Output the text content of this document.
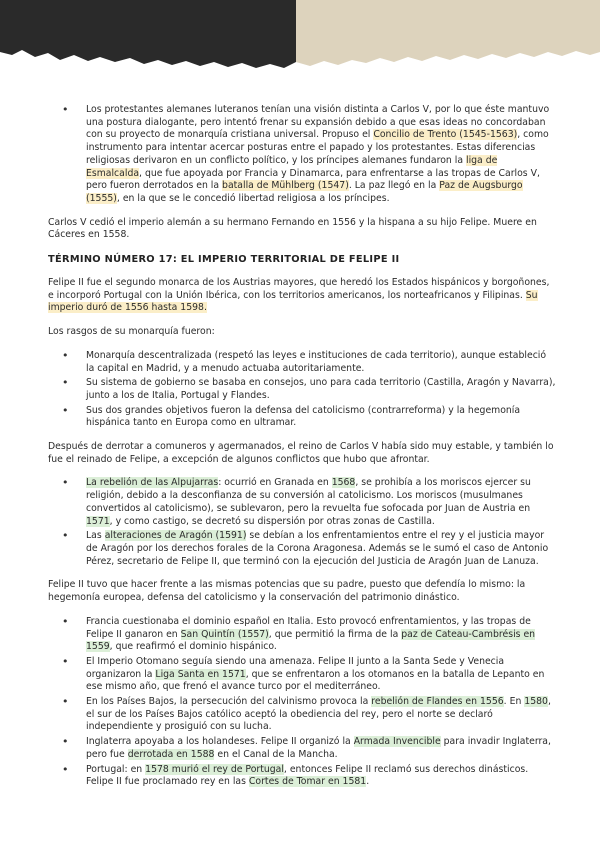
• Los protestantes alemanes luteranos tenían una visión distinta a Carlos V, por lo que éste mantuvo una postura dialogante, pero intentó frenar su expansión debido a que esas ideas no concordaban con su proyecto de monarquía cristiana universal. Propuso el Concilio de Trento (1545-1563), como instrumento para intentar acercar posturas entre el papado y los protestantes. Estas diferencias religiosas derivaron en un conflicto político, y los príncipes alemanes fundaron la liga de Esmalcalda, que fue apoyada por Francia y Dinamarca, para enfrentarse a las tropas de Carlos V, pero fueron derrotados en la batalla de Mühlberg (1547). La paz llegó en la Paz de Augsburgo (1555), en la que se le concedió libertad religiosa a los príncipes.

Carlos V cedió el imperio alemán a su hermano Fernando en 1556 y la hispana a su hijo Felipe. Muere en Cáceres en 1558.

TÉRMINO NÚMERO 17: EL IMPERIO TERRITORIAL DE FELIPE II

Felipe II fue el segundo monarca de los Austrias mayores, que heredó los Estados hispánicos y borgoñones, e incorporó Portugal con la Unión Ibérica, con los territorios americanos, los norteafricanos y Filipinas. Su imperio duró de 1556 hasta 1598.

Los rasgos de su monarquía fueron:

• Monarquía descentralizada (respetó las leyes e instituciones de cada territorio), aunque estableció la capital en Madrid, y a menudo actuaba autoritariamente.
• Su sistema de gobierno se basaba en consejos, uno para cada territorio (Castilla, Aragón y Navarra), junto a los de Italia, Portugal y Flandes.
• Sus dos grandes objetivos fueron la defensa del catolicismo (contrarreforma) y la hegemonía hispánica tanto en Europa como en ultramar.

Después de derrotar a comuneros y agermanados, el reino de Carlos V había sido muy estable, y también lo fue el reinado de Felipe, a excepción de algunos conflictos que hubo que afrontar.

• La rebelión de las Alpujarras: ocurrió en Granada en 1568, se prohibía a los moriscos ejercer su religión, debido a la desconfianza de su conversión al catolicismo. Los moriscos (musulmanes convertidos al catolicismo), se sublevaron, pero la revuelta fue sofocada por Juan de Austria en 1571, y como castigo, se decretó su dispersión por otras zonas de Castilla.
• Las alteraciones de Aragón (1591) se debían a los enfrentamientos entre el rey y el justicia mayor de Aragón por los derechos forales de la Corona Aragonesa. Además se le sumó el caso de Antonio Pérez, secretario de Felipe II, que terminó con la ejecución del Justicia de Aragón Juan de Lanuza.

Felipe II tuvo que hacer frente a las mismas potencias que su padre, puesto que defendía lo mismo: la hegemonía europea, defensa del catolicismo y la conservación del patrimonio dinástico.

• Francia cuestionaba el dominio español en Italia. Esto provocó enfrentamientos, y las tropas de Felipe II ganaron en San Quintín (1557), que permitió la firma de la paz de Cateau-Cambrésis en 1559, que reafirmó el dominio hispánico.
• El Imperio Otomano seguía siendo una amenaza. Felipe II junto a la Santa Sede y Venecia organizaron la Liga Santa en 1571, que se enfrentaron a los otomanos en la batalla de Lepanto en ese mismo año, que frenó el avance turco por el mediterráneo.
• En los Países Bajos, la persecución del calvinismo provoca la rebelión de Flandes en 1556. En 1580, el sur de los Países Bajos católico aceptó la obediencia del rey, pero el norte se declaró independiente y prosiguió con su lucha.
• Inglaterra apoyaba a los holandeses. Felipe II organizó la Armada Invencible para invadir Inglaterra, pero fue derrotada en 1588 en el Canal de la Mancha.
• Portugal: en 1578 murió el rey de Portugal, entonces Felipe II reclamó sus derechos dinásticos. Felipe II fue proclamado rey en las Cortes de Tomar en 1581.
